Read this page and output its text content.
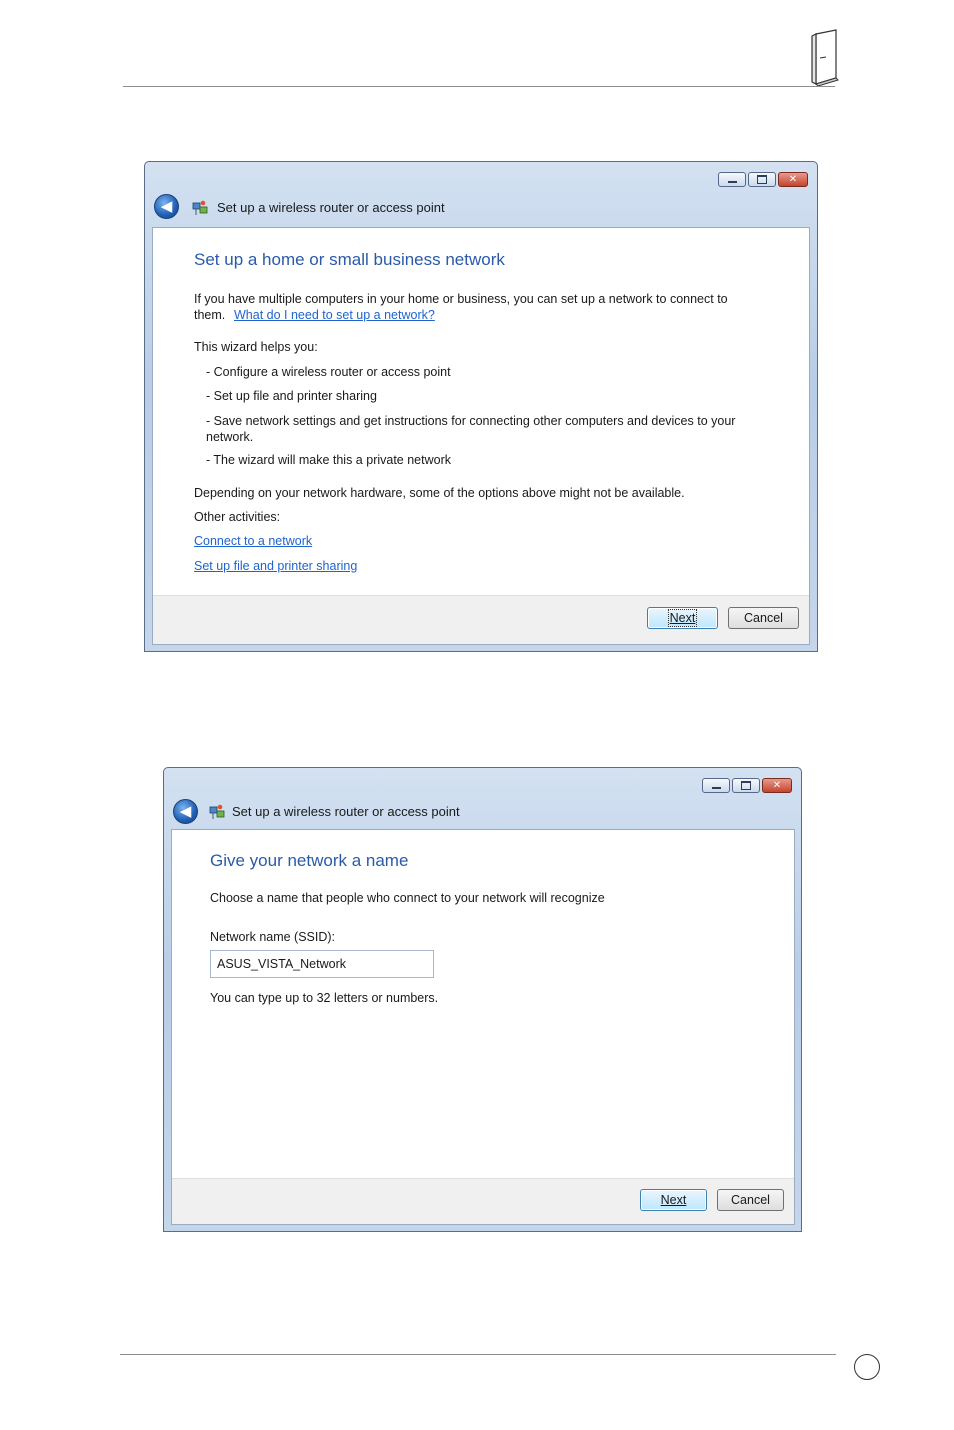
✕
◀	Set up a wireless router or access point
Set up a home or small business network
If you have multiple computers in your home or business, you can set up a network to connect to
them. What do I need to set up a network?
This wizard helps you:
- Configure a wireless router or access point
- Set up file and printer sharing
- Save network settings and get instructions for connecting other computers and devices to your
network.
- The wizard will make this a private network
Depending on your network hardware, some of the options above might not be available.
Other activities:
Connect to a network
Set up file and printer sharing
Next	Cancel
✕
◀	Set up a wireless router or access point
Give your network a name
Choose a name that people who connect to your network will recognize
Network name (SSID):
ASUS_VISTA_Network
You can type up to 32 letters or numbers.
Next	Cancel
